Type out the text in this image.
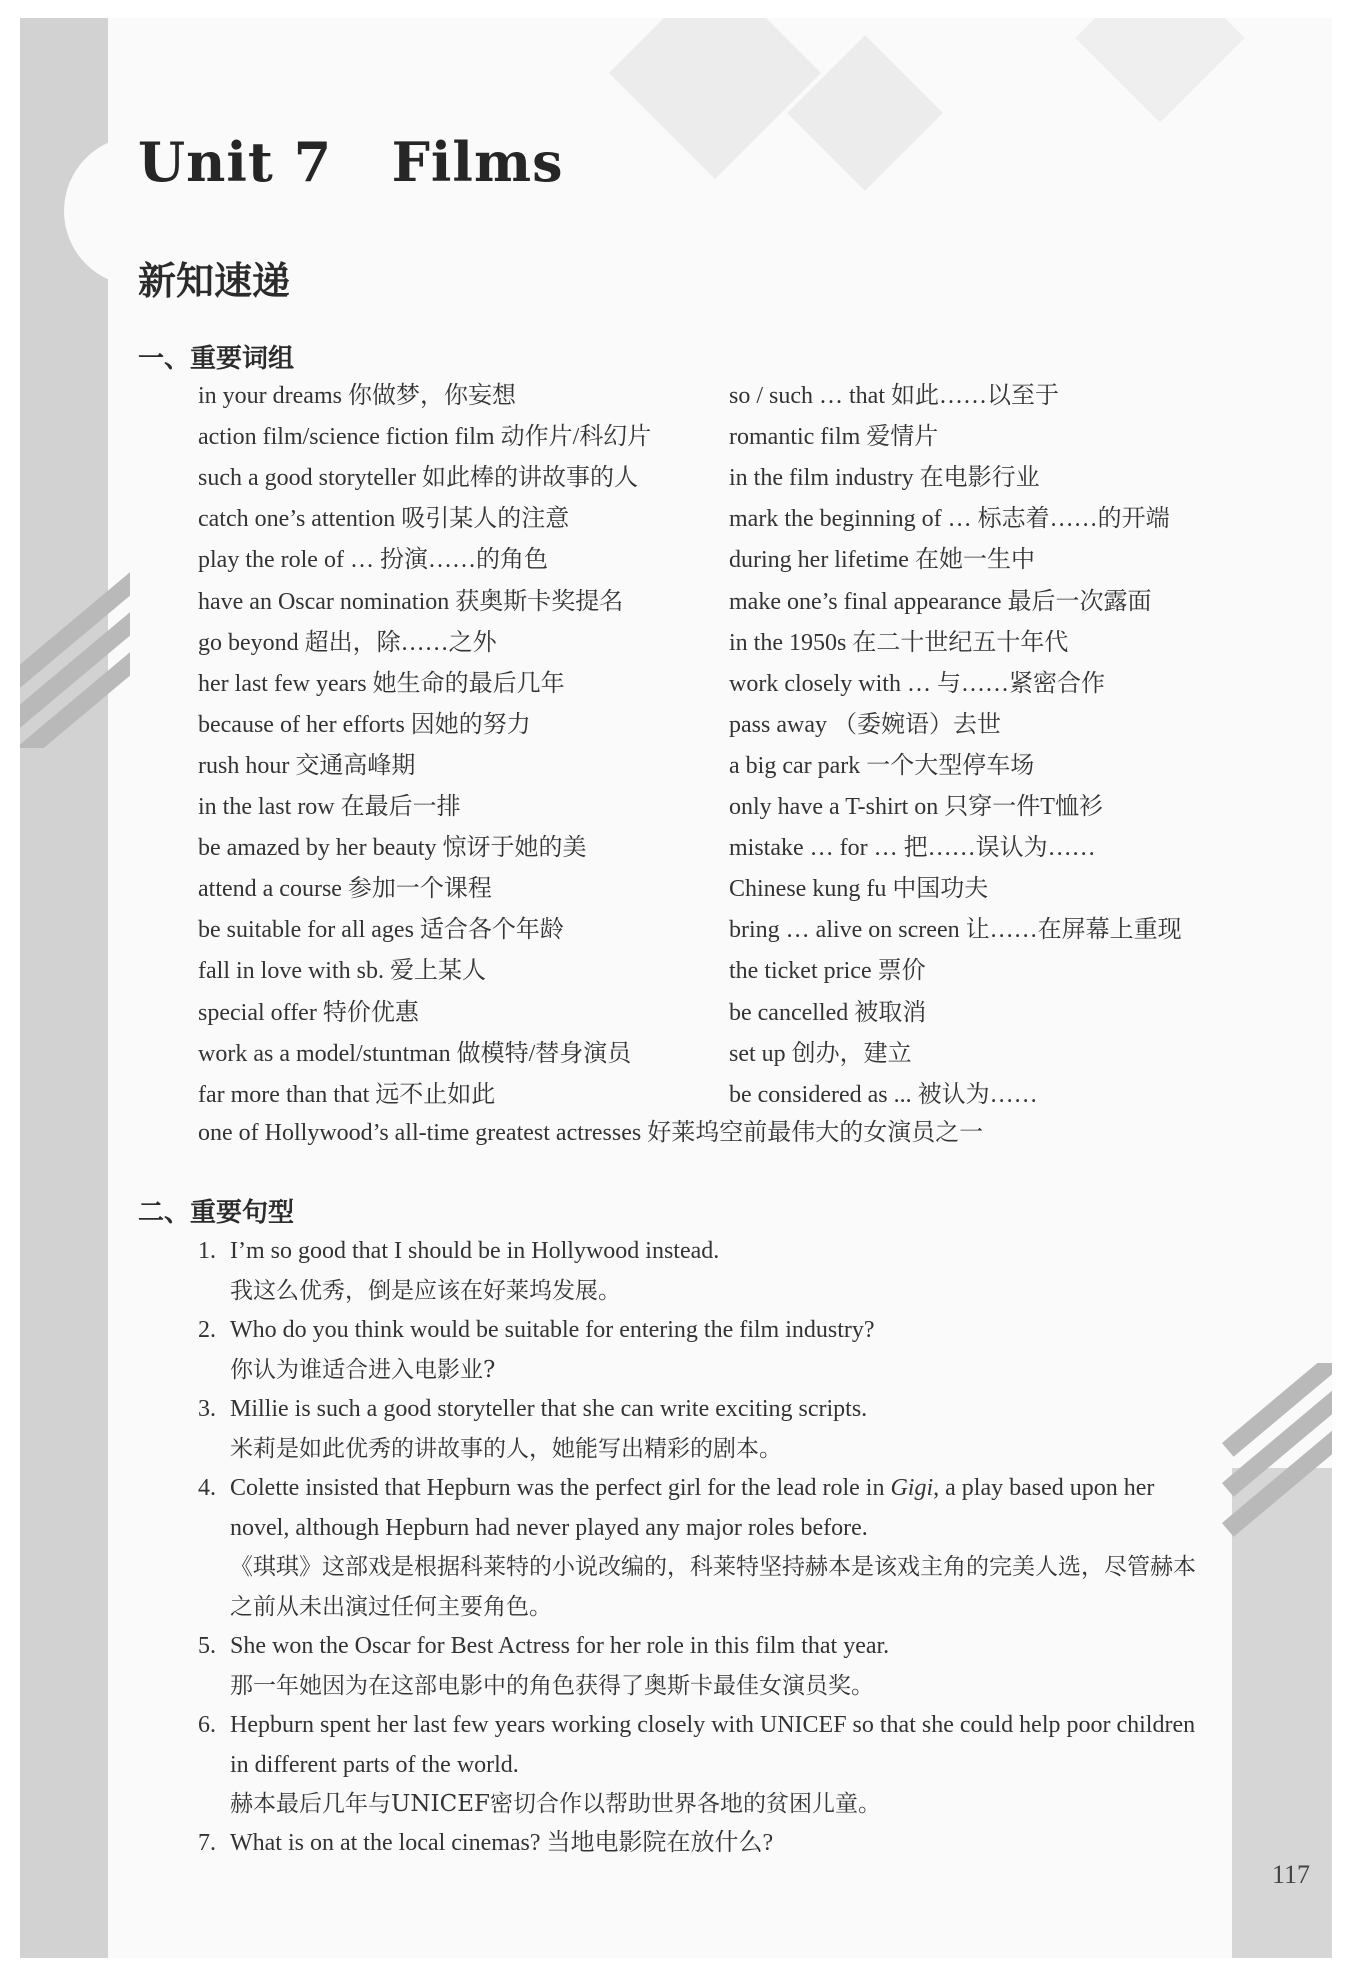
Unit 7   Films
新知速递
一、重要词组
in your dreams 你做梦，你妄想
action film/science fiction film 动作片/科幻片
such a good storyteller 如此棒的讲故事的人
catch one’s attention 吸引某人的注意
play the role of … 扮演……的角色
have an Oscar nomination 获奥斯卡奖提名
go beyond 超出，除……之外
her last few years 她生命的最后几年
because of her efforts 因她的努力
rush hour 交通高峰期
in the last row 在最后一排
be amazed by her beauty 惊讶于她的美
attend a course 参加一个课程
be suitable for all ages 适合各个年龄
fall in love with sb. 爱上某人
special offer 特价优惠
work as a model/stuntman 做模特/替身演员
far more than that 远不止如此
so / such … that 如此……以至于
romantic film 爱情片
in the film industry 在电影行业
mark the beginning of … 标志着……的开端
during her lifetime 在她一生中
make one’s final appearance 最后一次露面
in the 1950s 在二十世纪五十年代
work closely with … 与……紧密合作
pass away （委婉语）去世
a big car park 一个大型停车场
only have a T-shirt on 只穿一件T恤衫
mistake … for … 把……误认为……
Chinese kung fu 中国功夫
bring … alive on screen 让……在屏幕上重现
the ticket price 票价
be cancelled 被取消
set up 创办，建立
be considered as ... 被认为……
one of Hollywood’s all-time greatest actresses 好莱坞空前最伟大的女演员之一
二、重要句型
1. I’m so good that I should be in Hollywood instead.
我这么优秀，倒是应该在好莱坞发展。
2. Who do you think would be suitable for entering the film industry?
你认为谁适合进入电影业?
3. Millie is such a good storyteller that she can write exciting scripts.
米莉是如此优秀的讲故事的人，她能写出精彩的剧本。
4. Colette insisted that Hepburn was the perfect girl for the lead role in Gigi, a play based upon her novel, although Hepburn had never played any major roles before.
《琪琪》这部戏是根据科莱特的小说改编的，科莱特坚持赫本是该戏主角的完美人选，尽管赫本之前从未出演过任何主要角色。
5. She won the Oscar for Best Actress for her role in this film that year.
那一年她因为在这部电影中的角色获得了奥斯卡最佳女演员奖。
6. Hepburn spent her last few years working closely with UNICEF so that she could help poor children in different parts of the world.
赫本最后几年与UNICEF密切合作以帮助世界各地的贫困儿童。
7. What is on at the local cinemas? 当地电影院在放什么?
117
